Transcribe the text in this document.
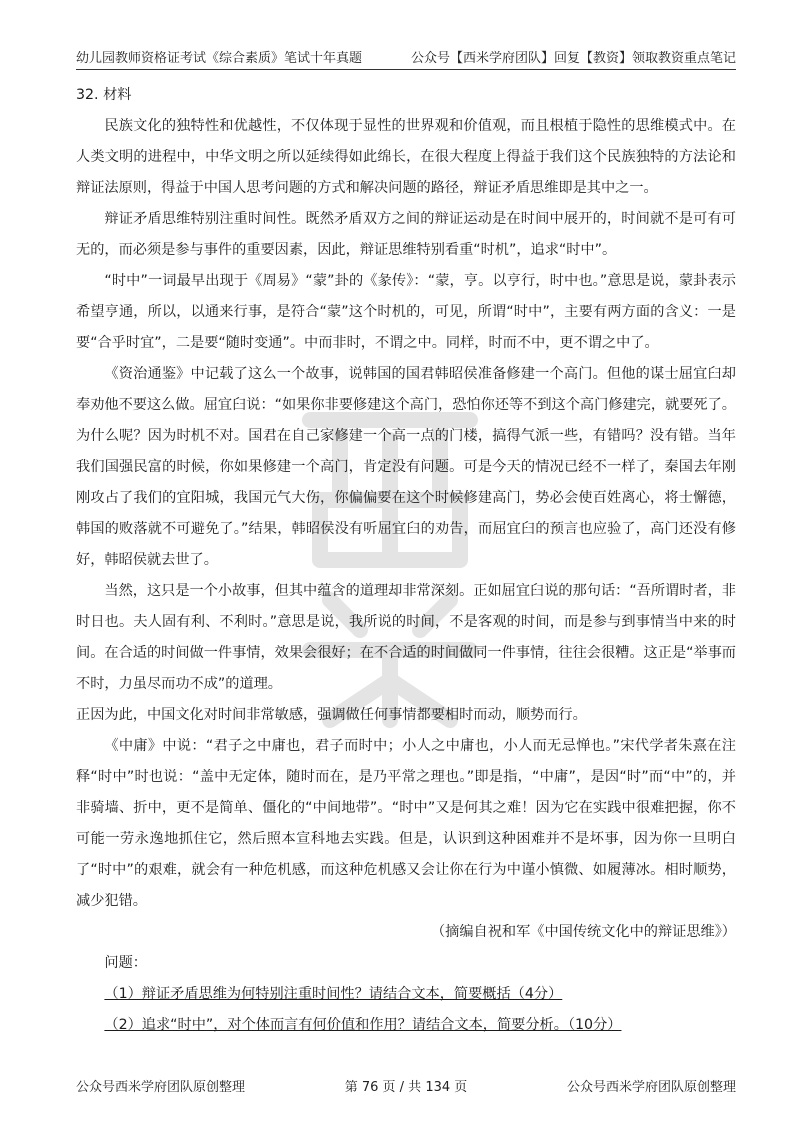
幼儿园教师资格证考试《综合素质》笔试十年真题	公众号【西米学府团队】回复【教资】领取教资重点笔记

32. 材料

民族文化的独特性和优越性，不仅体现于显性的世界观和价值观，而且根植于隐性的思维模式中。在人类文明的进程中，中华文明之所以延续得如此绵长，在很大程度上得益于我们这个民族独特的方法论和辩证法原则，得益于中国人思考问题的方式和解决问题的路径，辩证矛盾思维即是其中之一。

辩证矛盾思维特别注重时间性。既然矛盾双方之间的辩证运动是在时间中展开的，时间就不是可有可无的，而必须是参与事件的重要因素，因此，辩证思维特别看重“时机”，追求“时中”。

“时中”一词最早出现于《周易》“蒙”卦的《彖传》：“蒙，亨。以亨行，时中也。”意思是说，蒙卦表示希望亨通，所以，以通来行事，是符合“蒙”这个时机的，可见，所谓“时中”，主要有两方面的含义：一是要“合乎时宜”，二是要“随时变通”。中而非时，不谓之中。同样，时而不中，更不谓之中了。

《资治通鉴》中记载了这么一个故事，说韩国的国君韩昭侯准备修建一个高门。但他的谋士屈宜臼却奉劝他不要这么做。屈宜臼说：“如果你非要修建这个高门，恐怕你还等不到这个高门修建完，就要死了。为什么呢？因为时机不对。国君在自己家修建一个高一点的门楼，搞得气派一些，有错吗？没有错。当年我们国强民富的时候，你如果修建一个高门，肯定没有问题。可是今天的情况已经不一样了，秦国去年刚刚攻占了我们的宜阳城，我国元气大伤，你偏偏要在这个时候修建高门，势必会使百姓离心，将士懈德，韩国的败落就不可避免了。”结果，韩昭侯没有听屈宜臼的劝告，而屈宜臼的预言也应验了，高门还没有修好，韩昭侯就去世了。

当然，这只是一个小故事，但其中蕴含的道理却非常深刻。正如屈宜臼说的那句话：“吾所谓时者，非时日也。夫人固有利、不利时。”意思是说，我所说的时间，不是客观的时间，而是参与到事情当中来的时间。在合适的时间做一件事情，效果会很好；在不合适的时间做同一件事情，往往会很糟。这正是“举事而不时，力虽尽而功不成”的道理。

正因为此，中国文化对时间非常敏感，强调做任何事情都要相时而动，顺势而行。

《中庸》中说：“君子之中庸也，君子而时中；小人之中庸也，小人而无忌惮也。”宋代学者朱熹在注释“时中”时也说：“盖中无定体，随时而在，是乃平常之理也。”即是指，“中庸”，是因“时”而“中”的，并非骑墙、折中，更不是简单、僵化的“中间地带”。“时中”又是何其之难！因为它在实践中很难把握，你不可能一劳永逸地抓住它，然后照本宣科地去实践。但是，认识到这种困难并不是坏事，因为你一旦明白了“时中”的艰难，就会有一种危机感，而这种危机感又会让你在行为中谨小慎微、如履薄冰。相时顺势，减少犯错。

（摘编自祝和军《中国传统文化中的辩证思维》）

问题：

（1）辩证矛盾思维为何特别注重时间性？请结合文本，简要概括（4分）

（2）追求“时中”，对个体而言有何价值和作用？请结合文本，简要分析。（10分）

公众号西米学府团队原创整理	第 76 页 / 共 134 页	公众号西米学府团队原创整理
